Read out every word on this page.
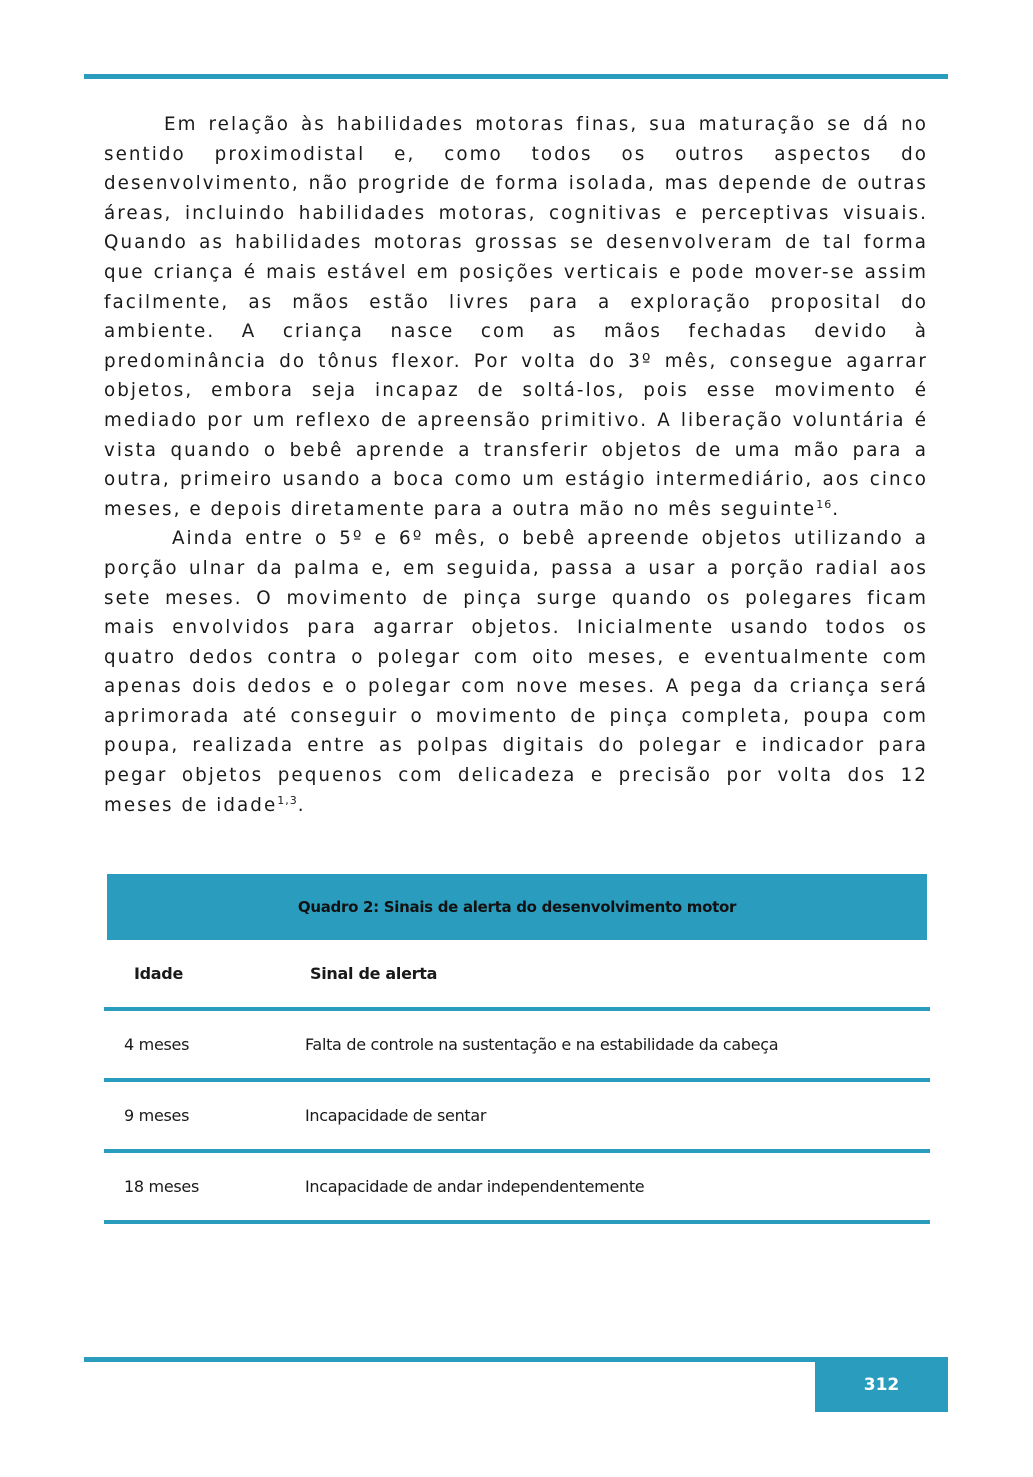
Em relação às habilidades motoras finas, sua maturação se dá no sentido proximodistal e, como todos os outros aspectos do desenvolvimento, não progride de forma isolada, mas depende de outras áreas, incluindo habilidades motoras, cognitivas e perceptivas visuais. Quando as habilidades motoras grossas se desenvolveram de tal forma que criança é mais estável em posições verticais e pode mover-se assim facilmente, as mãos estão livres para a exploração proposital do ambiente. A criança nasce com as mãos fechadas devido à predominância do tônus flexor. Por volta do 3º mês, consegue agarrar objetos, embora seja incapaz de soltá-los, pois esse movimento é mediado por um reflexo de apreensão primitivo. A liberação voluntária é vista quando o bebê aprende a transferir objetos de uma mão para a outra, primeiro usando a boca como um estágio intermediário, aos cinco meses, e depois diretamente para a outra mão no mês seguinte$^{16}$.

Ainda entre o 5º e 6º mês, o bebê apreende objetos utilizando a porção ulnar da palma e, em seguida, passa a usar a porção radial aos sete meses. O movimento de pinça surge quando os polegares ficam mais envolvidos para agarrar objetos. Inicialmente usando todos os quatro dedos contra o polegar com oito meses, e eventualmente com apenas dois dedos e o polegar com nove meses. A pega da criança será aprimorada até conseguir o movimento de pinça completa, poupa com poupa, realizada entre as polpas digitais do polegar e indicador para pegar objetos pequenos com delicadeza e precisão por volta dos 12 meses de idade$^{1,3}$.

Quadro 2: Sinais de alerta do desenvolvimento motor
Idade	Sinal de alerta
4 meses	Falta de controle na sustentação e na estabilidade da cabeça
9 meses	Incapacidade de sentar
18 meses	Incapacidade de andar independentemente
312
